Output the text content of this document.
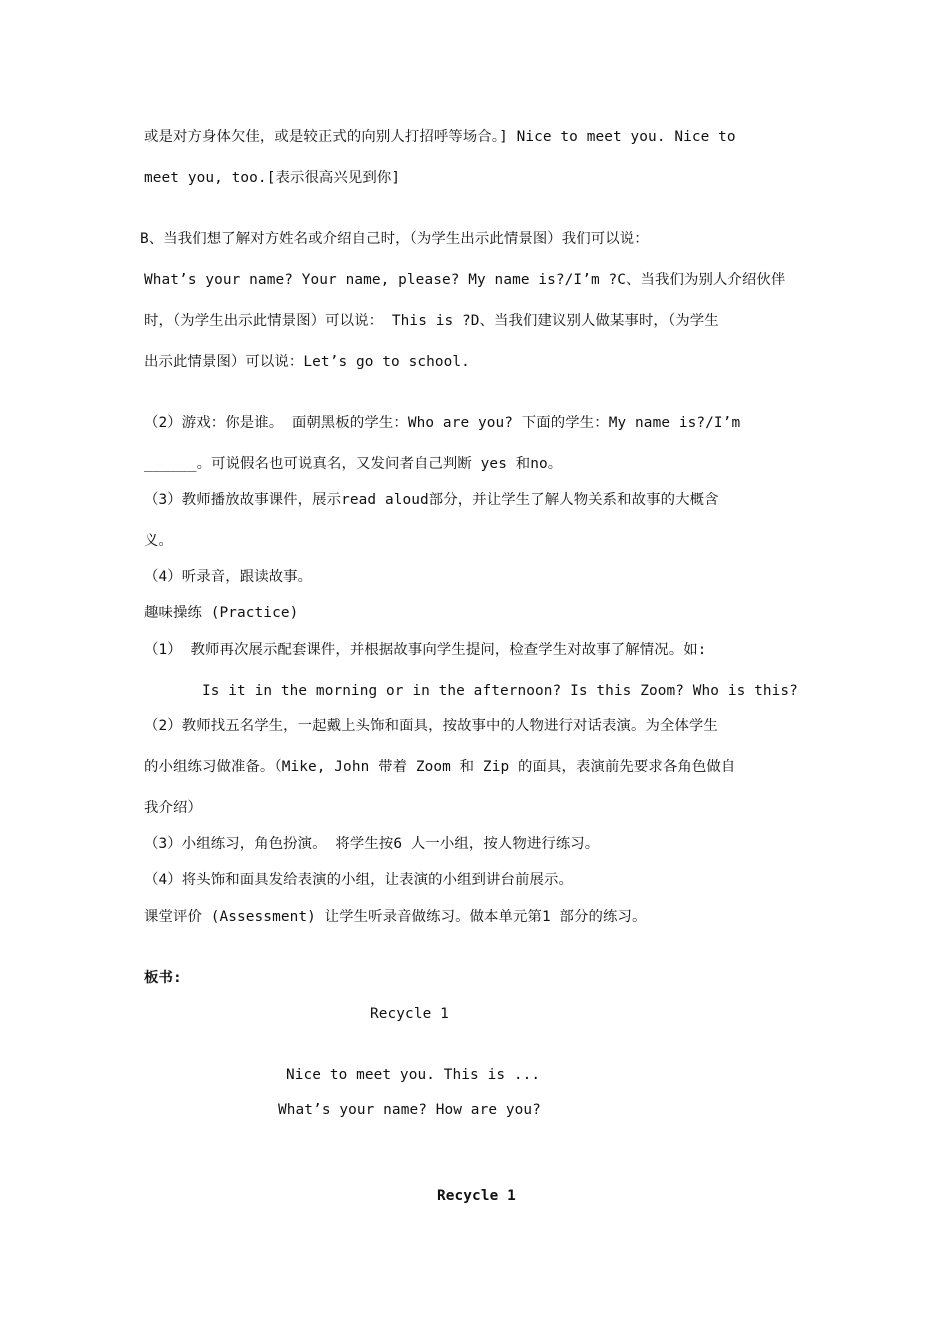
或是对方身体欠佳，或是较正式的向别人打招呼等场合。] Nice to meet you. Nice to
meet you, too.[表示很高兴见到你]
B、当我们想了解对方姓名或介绍自己时，（为学生出示此情景图）我们可以说：
What’s your name? Your name, please? My name is?/I’m ?C、当我们为别人介绍伙伴
时，（为学生出示此情景图）可以说： This is ?D、当我们建议别人做某事时，（为学生
出示此情景图）可以说：Let’s go to school.
（2）游戏：你是谁。 面朝黑板的学生：Who are you? 下面的学生：My name is?/I’m
______。可说假名也可说真名，又发问者自己判断 yes 和no。
（3）教师播放故事课件，展示read aloud部分，并让学生了解人物关系和故事的大概含
义。
（4）听录音，跟读故事。
趣味操练 (Practice)
（1） 教师再次展示配套课件，并根据故事向学生提问，检查学生对故事了解情况。如:
Is it in the morning or in the afternoon? Is this Zoom? Who is this?
（2）教师找五名学生，一起戴上头饰和面具，按故事中的人物进行对话表演。为全体学生
的小组练习做准备。（Mike, John 带着 Zoom 和 Zip 的面具，表演前先要求各角色做自
我介绍）
（3）小组练习，角色扮演。 将学生按6 人一小组，按人物进行练习。
（4）将头饰和面具发给表演的小组，让表演的小组到讲台前展示。
课堂评价 (Assessment) 让学生听录音做练习。做本单元第1 部分的练习。
板书:
Recycle 1
Nice to meet you. This is ...
What’s your name? How are you?
Recycle 1
